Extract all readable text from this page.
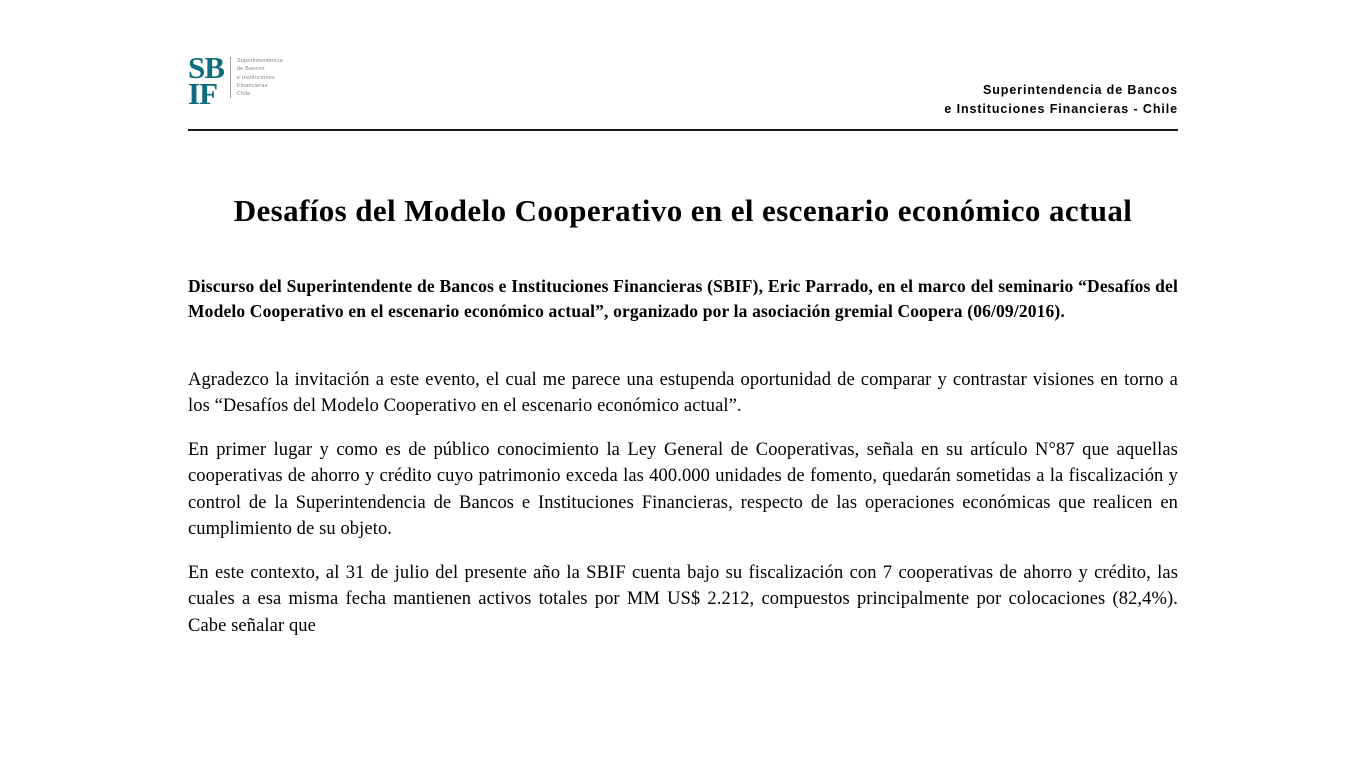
SB
IF
Superintendencia
de Bancos
e Instituciones
Financieras
Chile	Superintendencia de Bancos
e Instituciones Financieras - Chile
Desafíos del Modelo Cooperativo en el escenario económico actual

Discurso del Superintendente de Bancos e Instituciones Financieras (SBIF), Eric Parrado, en el marco del seminario “Desafíos del Modelo Cooperativo en el escenario económico actual”, organizado por la asociación gremial Coopera (06/09/2016).

Agradezco la invitación a este evento, el cual me parece una estupenda oportunidad de comparar y contrastar visiones en torno a los “Desafíos del Modelo Cooperativo en el escenario económico actual”.

En primer lugar y como es de público conocimiento la Ley General de Cooperativas, señala en su artículo N°87 que aquellas cooperativas de ahorro y crédito cuyo patrimonio exceda las 400.000 unidades de fomento, quedarán sometidas a la fiscalización y control de la Superintendencia de Bancos e Instituciones Financieras, respecto de las operaciones económicas que realicen en cumplimiento de su objeto.

En este contexto, al 31 de julio del presente año la SBIF cuenta bajo su fiscalización con 7 cooperativas de ahorro y crédito, las cuales a esa misma fecha mantienen activos totales por MM US$ 2.212, compuestos principalmente por colocaciones (82,4%). Cabe señalar que
